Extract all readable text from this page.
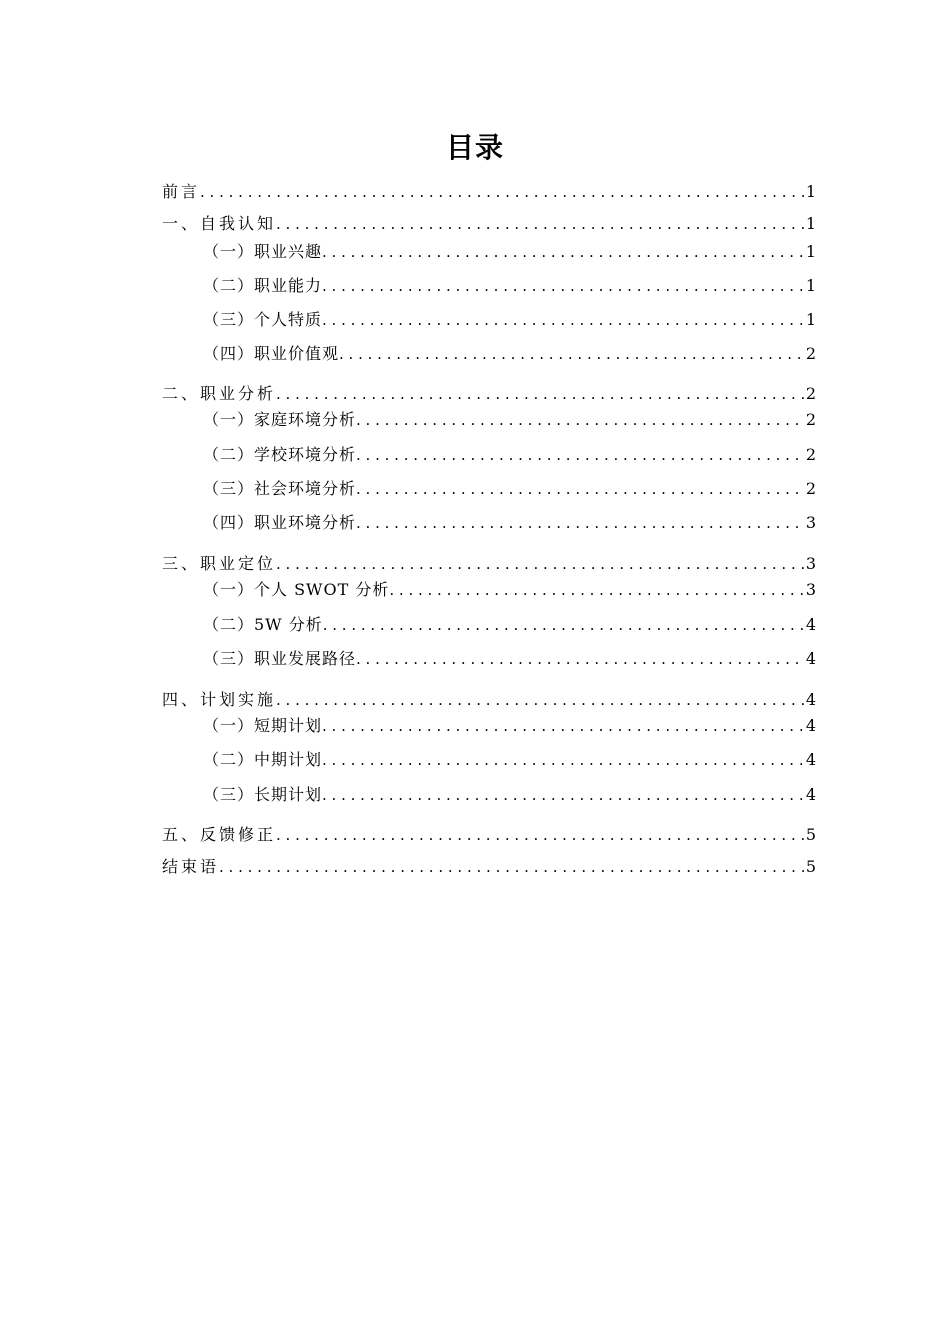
目录
前言 . . .	1
一、自我认知 . . .	1
（一）职业兴趣 . . .	1
（二）职业能力 . . .	1
（三）个人特质 . . .	1
（四）职业价值观 . . .	2
二、职业分析 . . .	2
（一）家庭环境分析 . . .	2
（二）学校环境分析 . . .	2
（三）社会环境分析 . . .	2
（四）职业环境分析 . . .	3
三、职业定位 . . .	3
（一）个人 SWOT 分析 . . .	3
（二）5W 分析 . . .	4
（三）职业发展路径 . . .	4
四、计划实施 . . .	4
（一）短期计划 . . .	4
（二）中期计划 . . .	4
（三）长期计划 . . .	4
五、反馈修正 . . .	5
结束语 . . .	5
